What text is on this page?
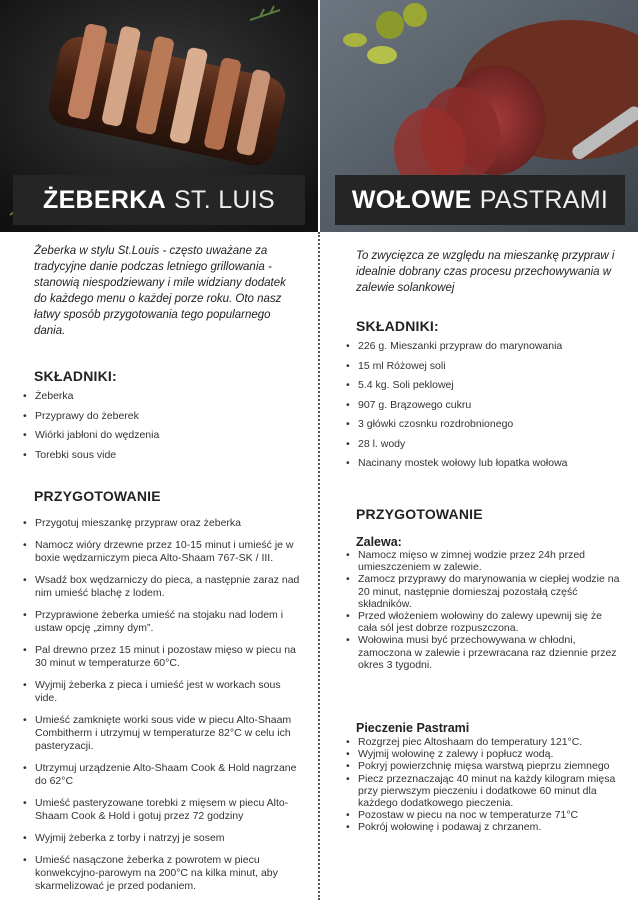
ŻEBERKA ST. LUIS
Żeberka w stylu St.Louis - często uważane za tradycyjne danie podczas letniego grillowania - stanowią niespodziewany i mile widziany dodatek do każdego menu o każdej porze roku. Oto nasz łatwy sposób przygotowania tego popularnego dania.
SKŁADNIKI:
• Żeberka
• Przyprawy do żeberek
• Wiórki jabłoni do wędzenia
• Torebki sous vide
PRZYGOTOWANIE
• Przygotuj mieszankę przypraw oraz żeberka
• Namocz wióry drzewne przez 10-15 minut i umieść je w boxie wędzarniczym pieca Alto-Shaam 767-SK / III.
• Wsadź box wędzarniczy do pieca, a następnie zaraz nad nim umieść blachę z lodem.
• Przyprawione żeberka umieść na stojaku nad lodem i ustaw opcję „zimny dym”.
• Pal drewno przez 15 minut i pozostaw mięso w piecu na 30 minut w temperaturze 60°C.
• Wyjmij żeberka z pieca i umieść jest w workach sous vide.
• Umieść zamknięte worki sous vide w piecu Alto-Shaam Combitherm i utrzymuj w temperaturze 82°C w celu ich pasteryzacji.
• Utrzymuj urządzenie Alto-Shaam Cook & Hold nagrzane do 62°C
• Umieść pasteryzowane torebki z mięsem w piecu Alto-Shaam Cook & Hold i gotuj przez 72 godziny
• Wyjmij żeberka z torby i natrzyj je sosem
• Umieść nasączone żeberka z powrotem w piecu konwekcyjno-parowym na 200°C na kilka minut, aby skarmelizować je przed podaniem.
WOŁOWE PASTRAMI
To zwycięzca ze względu na mieszankę przypraw i idealnie dobrany czas procesu przechowywania w zalewie solankowej
SKŁADNIKI:
• 226 g. Mieszanki przypraw do marynowania
• 15 ml Różowej soli
• 5.4 kg. Soli peklowej
• 907 g. Brązowego cukru
• 3 główki czosnku rozdrobnionego
• 28 l. wody
• Nacinany mostek wołowy lub łopatka wołowa
PRZYGOTOWANIE
Zalewa:
• Namocz mięso w zimnej wodzie przez 24h przed umieszczeniem w zalewie.
• Zamocz przyprawy do marynowania w ciepłej wodzie na 20 minut, następnie domieszaj pozostałą część składników.
• Przed włożeniem wołowiny do zalewy upewnij się że cała sól jest dobrze rozpuszczona.
• Wołowina musi być przechowywana w chłodni, zamoczona w zalewie i przewracana raz dziennie przez okres 3 tygodni.
Pieczenie Pastrami
• Rozgrzej piec Altoshaam do temperatury 121°C.
• Wyjmij wołowinę z zalewy i popłucz wodą.
• Pokryj powierzchnię mięsa warstwą pieprzu ziemnego
• Piecz przeznaczając 40 minut na każdy kilogram mięsa przy pierwszym pieczeniu i dodatkowe 60 minut dla każdego dodatkowego pieczenia.
• Pozostaw w piecu na noc w temperaturze 71°C
• Pokrój wołowinę i podawaj z chrzanem.
